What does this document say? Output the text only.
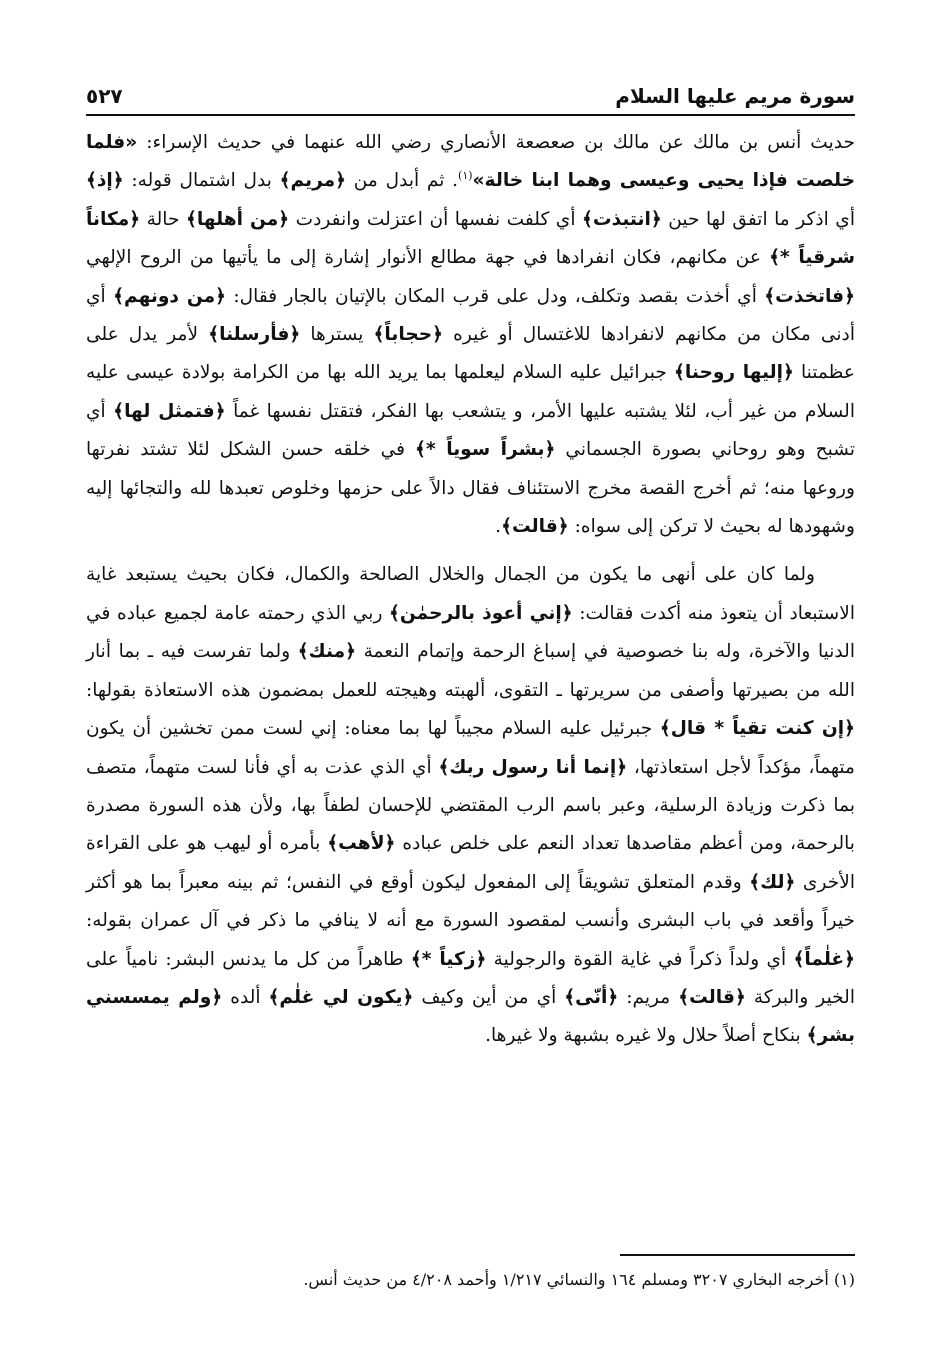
سورة مريم عليها السلام
٥٢٧

حديث أنس بن مالك عن مالك بن صعصعة الأنصاري رضي الله عنهما في حديث الإسراء: «فلما خلصت فإذا يحيى وعيسى وهما ابنا خالة»$^{(١)}$. ثم أبدل من ﴿مريم﴾ بدل اشتمال قوله: ﴿إذ﴾ أي اذكر ما اتفق لها حين ﴿انتبذت﴾ أي كلفت نفسها أن اعتزلت وانفردت ﴿من أهلها﴾ حالة ﴿مكاناً شرقياً *﴾ عن مكانهم، فكان انفرادها في جهة مطالع الأنوار إشارة إلى ما يأتيها من الروح الإلهي ﴿فاتخذت﴾ أي أخذت بقصد وتكلف، ودل على قرب المكان بالإتيان بالجار فقال: ﴿من دونهم﴾ أي أدنى مكان من مكانهم لانفرادها للاغتسال أو غيره ﴿حجاباً﴾ يسترها ﴿فأرسلنا﴾ لأمر يدل على عظمتنا ﴿إليها روحنا﴾ جبرائيل عليه السلام ليعلمها بما يريد الله بها من الكرامة بولادة عيسى عليه السلام من غير أب، لئلا يشتبه عليها الأمر، و يتشعب بها الفكر، فتقتل نفسها غماً ﴿فتمثل لها﴾ أي تشبح وهو روحاني بصورة الجسماني ﴿بشراً سوياً *﴾ في خلقه حسن الشكل لئلا تشتد نفرتها وروعها منه؛ ثم أخرج القصة مخرج الاستئناف فقال دالاً على حزمها وخلوص تعبدها لله والتجائها إليه وشهودها له بحيث لا تركن إلى سواه: ﴿قالت﴾.

ولما كان على أنهى ما يكون من الجمال والخلال الصالحة والكمال، فكان بحيث يستبعد غاية الاستبعاد أن يتعوذ منه أكدت فقالت: ﴿إني أعوذ بالرحمٰن﴾ ربي الذي رحمته عامة لجميع عباده في الدنيا والآخرة، وله بنا خصوصية في إسباغ الرحمة وإتمام النعمة ﴿منك﴾ ولما تفرست فيه ـ بما أنار الله من بصيرتها وأصفى من سريرتها ـ التقوى، ألهبته وهيجته للعمل بمضمون هذه الاستعاذة بقولها: ﴿إن كنت تقياً * قال﴾ جبرئيل عليه السلام مجيباً لها بما معناه: إني لست ممن تخشين أن يكون متهماً، مؤكداً لأجل استعاذتها، ﴿إنما أنا رسول ربك﴾ أي الذي عذت به أي فأنا لست متهماً، متصف بما ذكرت وزيادة الرسلية، وعبر باسم الرب المقتضي للإحسان لطفاً بها، ولأن هذه السورة مصدرة بالرحمة، ومن أعظم مقاصدها تعداد النعم على خلص عباده ﴿لأهب﴾ بأمره أو ليهب هو على القراءة الأخرى ﴿لك﴾ وقدم المتعلق تشويقاً إلى المفعول ليكون أوقع في النفس؛ ثم بينه معبراً بما هو أكثر خيراً وأقعد في باب البشرى وأنسب لمقصود السورة مع أنه لا ينافي ما ذكر في آل عمران بقوله: ﴿غلٰماً﴾ أي ولداً ذكراً في غاية القوة والرجولية ﴿زكياً *﴾ طاهراً من كل ما يدنس البشر: نامياً على الخير والبركة ﴿قالت﴾ مريم: ﴿أنّى﴾ أي من أين وكيف ﴿يكون لي غلٰم﴾ ألده ﴿ولم يمسسني بشر﴾ بنكاح أصلاً حلال ولا غيره بشبهة ولا غيرها.

(١) أخرجه البخاري ٣٢٠٧ ومسلم ١٦٤ والنسائي ١/٢١٧ وأحمد ٤/٢٠٨ من حديث أنس.
